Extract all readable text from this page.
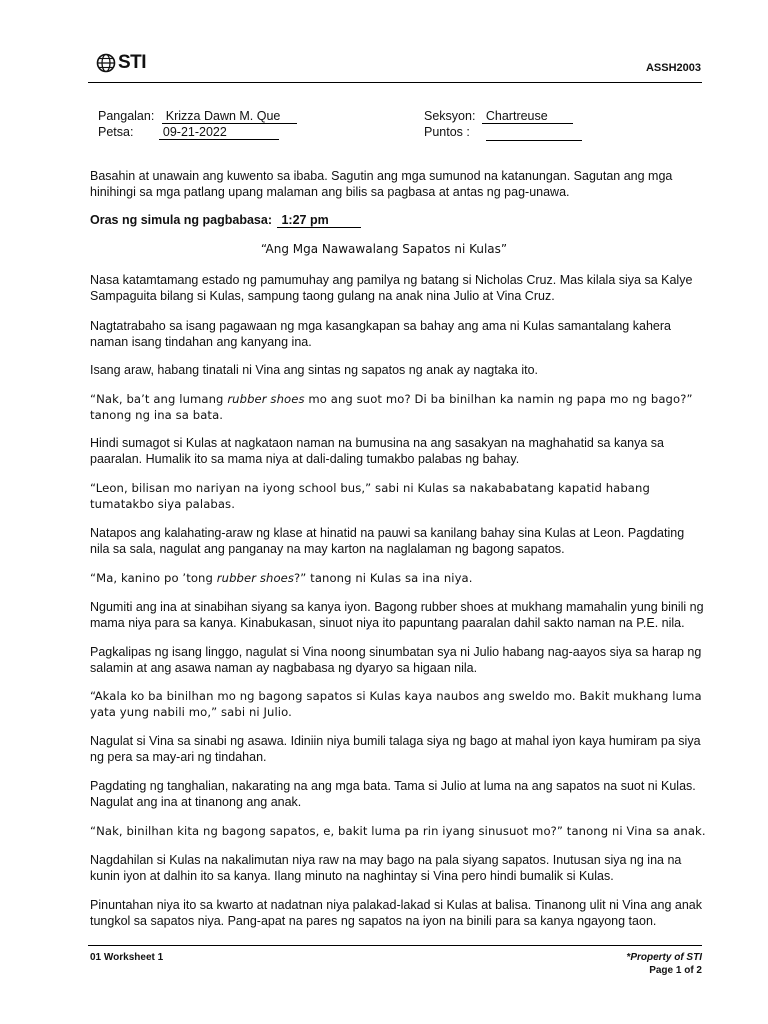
STI	ASSH2003
Pangalan: Krizza Dawn M. Que
Petsa: 09-21-2022
Seksyon: Chartreuse
Puntos :

Basahin at unawain ang kuwento sa ibaba. Sagutin ang mga sumunod na katanungan. Sagutan ang mga hinihingi sa mga patlang upang malaman ang bilis sa pagbasa at antas ng pag-unawa.

Oras ng simula ng pagbabasa: 1:27 pm
“Ang Mga Nawawalang Sapatos ni Kulas”

Nasa katamtamang estado ng pamumuhay ang pamilya ng batang si Nicholas Cruz. Mas kilala siya sa Kalye Sampaguita bilang si Kulas, sampung taong gulang na anak nina Julio at Vina Cruz.

Nagtatrabaho sa isang pagawaan ng mga kasangkapan sa bahay ang ama ni Kulas samantalang kahera naman isang tindahan ang kanyang ina.

Isang araw, habang tinatali ni Vina ang sintas ng sapatos ng anak ay nagtaka ito.

“Nak, ba’t ang lumang rubber shoes mo ang suot mo? Di ba binilhan ka namin ng papa mo ng bago?” tanong ng ina sa bata.

Hindi sumagot si Kulas at nagkataon naman na bumusina na ang sasakyan na maghahatid sa kanya sa paaralan. Humalik ito sa mama niya at dali-daling tumakbo palabas ng bahay.

“Leon, bilisan mo nariyan na iyong school bus,” sabi ni Kulas sa nakababatang kapatid habang tumatakbo siya palabas.

Natapos ang kalahating-araw ng klase at hinatid na pauwi sa kanilang bahay sina Kulas at Leon. Pagdating nila sa sala, nagulat ang panganay na may karton na naglalaman ng bagong sapatos.

“Ma, kanino po ’tong rubber shoes?” tanong ni Kulas sa ina niya.

Ngumiti ang ina at sinabihan siyang sa kanya iyon. Bagong rubber shoes at mukhang mamahalin yung binili ng mama niya para sa kanya. Kinabukasan, sinuot niya ito papuntang paaralan dahil sakto naman na P.E. nila.

Pagkalipas ng isang linggo, nagulat si Vina noong sinumbatan sya ni Julio habang nag-aayos siya sa harap ng salamin at ang asawa naman ay nagbabasa ng dyaryo sa higaan nila.

“Akala ko ba binilhan mo ng bagong sapatos si Kulas kaya naubos ang sweldo mo. Bakit mukhang luma yata yung nabili mo,” sabi ni Julio.

Nagulat si Vina sa sinabi ng asawa. Idiniin niya bumili talaga siya ng bago at mahal iyon kaya humiram pa siya ng pera sa may-ari ng tindahan.

Pagdating ng tanghalian, nakarating na ang mga bata. Tama si Julio at luma na ang sapatos na suot ni Kulas. Nagulat ang ina at tinanong ang anak.

“Nak, binilhan kita ng bagong sapatos, e, bakit luma pa rin iyang sinusuot mo?” tanong ni Vina sa anak.

Nagdahilan si Kulas na nakalimutan niya raw na may bago na pala siyang sapatos. Inutusan siya ng ina na kunin iyon at dalhin ito sa kanya. Ilang minuto na naghintay si Vina pero hindi bumalik si Kulas.

Pinuntahan niya ito sa kwarto at nadatnan niya palakad-lakad si Kulas at balisa. Tinanong ulit ni Vina ang anak tungkol sa sapatos niya. Pang-apat na pares ng sapatos na iyon na binili para sa kanya ngayong taon.

01 Worksheet 1	*Property of STI
Page 1 of 2
